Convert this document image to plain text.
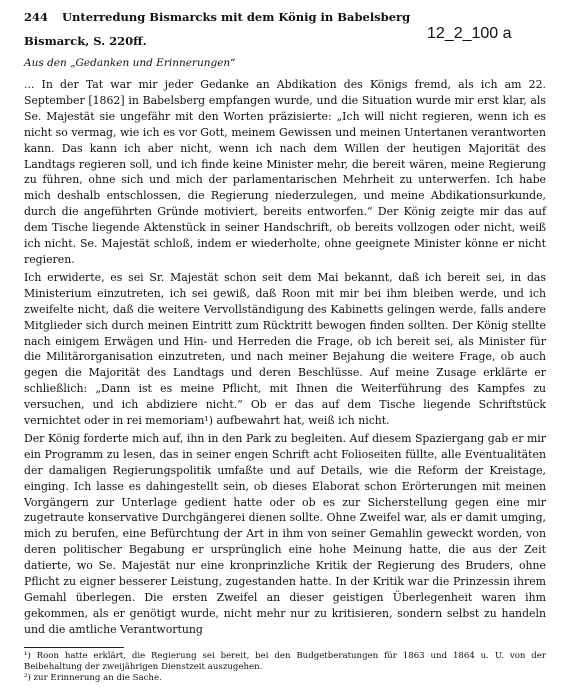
244 Unterredung Bismarcks mit dem König in Babelsberg
Bismarck, S. 220ff.	12_2_100 a
Aus den „Gedanken und Erinnerungen“

... In der Tat war mir jeder Gedanke an Abdikation des Königs fremd, als ich am 22. September [1862] in Babelsberg empfangen wurde, und die Situation wurde mir erst klar, als Se. Majestät sie ungefähr mit den Worten präzisierte: „Ich will nicht regieren, wenn ich es nicht so vermag, wie ich es vor Gott, meinem Gewissen und meinen Untertanen verantworten kann. Das kann ich aber nicht, wenn ich nach dem Willen der heutigen Majorität des Landtags regieren soll, und ich finde keine Minister mehr, die bereit wären, meine Regierung zu führen, ohne sich und mich der parlamentarischen Mehrheit zu unterwerfen. Ich habe mich deshalb entschlossen, die Regierung niederzulegen, und meine Abdikationsurkunde, durch die angeführten Gründe motiviert, bereits entworfen.“ Der König zeigte mir das auf dem Tische liegende Aktenstück in seiner Handschrift, ob bereits vollzogen oder nicht, weiß ich nicht. Se. Majestät schloß, indem er wiederholte, ohne geeignete Minister könne er nicht regieren.

Ich erwiderte, es sei Sr. Majestät schon seit dem Mai bekannt, daß ich bereit sei, in das Ministerium einzutreten, ich sei gewiß, daß Roon mit mir bei ihm bleiben werde, und ich zweifelte nicht, daß die weitere Vervollständigung des Kabinetts gelingen werde, falls andere Mitglieder sich durch meinen Eintritt zum Rücktritt bewogen finden sollten. Der König stellte nach einigem Erwägen und Hin- und Herreden die Frage, ob ich bereit sei, als Minister für die Militärorganisation einzutreten, und nach meiner Bejahung die weitere Frage, ob auch gegen die Majorität des Landtags und deren Beschlüsse. Auf meine Zusage erklärte er schließlich: „Dann ist es meine Pflicht, mit Ihnen die Weiterführung des Kampfes zu versuchen, und ich abdiziere nicht.“ Ob er das auf dem Tische liegende Schriftstück vernichtet oder in rei memoriam¹) aufbewahrt hat, weiß ich nicht.

Der König forderte mich auf, ihn in den Park zu begleiten. Auf diesem Spaziergang gab er mir ein Programm zu lesen, das in seiner engen Schrift acht Folioseiten füllte, alle Eventualitäten der damaligen Regierungspolitik umfaßte und auf Details, wie die Reform der Kreistage, einging. Ich lasse es dahingestellt sein, ob dieses Elaborat schon Erörterungen mit meinen Vorgängern zur Unterlage gedient hatte oder ob es zur Sicherstellung gegen eine mir zugetraute konservative Durchgängerei dienen sollte. Ohne Zweifel war, als er damit umging, mich zu berufen, eine Befürchtung der Art in ihm von seiner Gemahlin geweckt worden, von deren politischer Begabung er ursprünglich eine hohe Meinung hatte, die aus der Zeit datierte, wo Se. Majestät nur eine kronprinzliche Kritik der Regierung des Bruders, ohne Pflicht zu eigner besserer Leistung, zugestanden hatte. In der Kritik war die Prinzessin ihrem Gemahl überlegen. Die ersten Zweifel an dieser geistigen Überlegenheit waren ihm gekommen, als er genötigt wurde, nicht mehr nur zu kritisieren, sondern selbst zu handeln und die amtliche Verantwortung

¹) Roon hatte erklärt, die Regierung sei bereit, bei den Budgetberatungen für 1863 und 1864 u. U. von der Beibehaltung der zweijährigen Dienstzeit auszugehen.

²) zur Erinnerung an die Sache.
